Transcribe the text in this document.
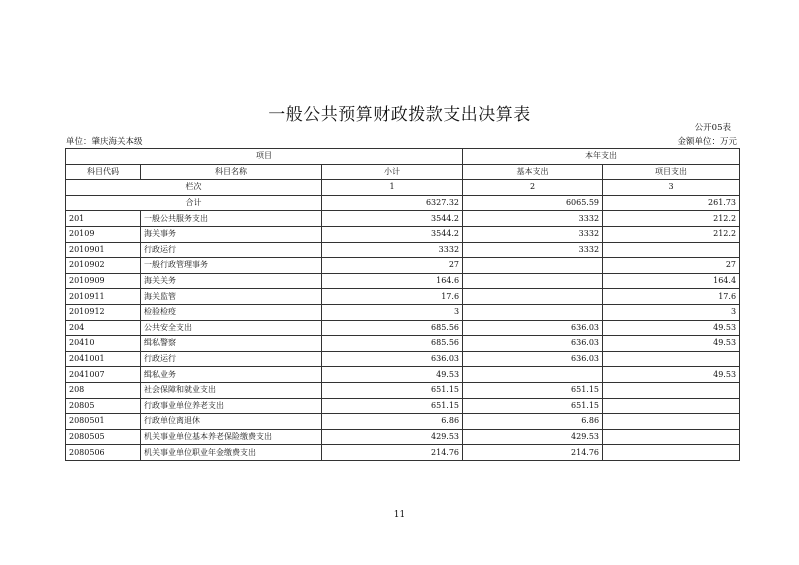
一般公共预算财政拨款支出决算表
公开05表
单位：肇庆海关本级	金额单位：万元
项目			本年支出	
科目代码	科目名称	小计	基本支出	项目支出
栏次		1	2	3
合计		6327.32	6065.59	261.73
201	一般公共服务支出	3544.2	3332	212.2
20109	海关事务	3544.2	3332	212.2
2010901	行政运行	3332	3332	
2010902	一般行政管理事务	27		27
2010909	海关关务	164.6		164.4
2010911	海关监管	17.6		17.6
2010912	检验检疫	3		3
204	公共安全支出	685.56	636.03	49.53
20410	缉私警察	685.56	636.03	49.53
2041001	行政运行	636.03	636.03	
2041007	缉私业务	49.53		49.53
208	社会保障和就业支出	651.15	651.15	
20805	行政事业单位养老支出	651.15	651.15	
2080501	行政单位离退休	6.86	6.86	
2080505	机关事业单位基本养老保险缴费支出	429.53	429.53	
2080506	机关事业单位职业年金缴费支出	214.76	214.76	
11
